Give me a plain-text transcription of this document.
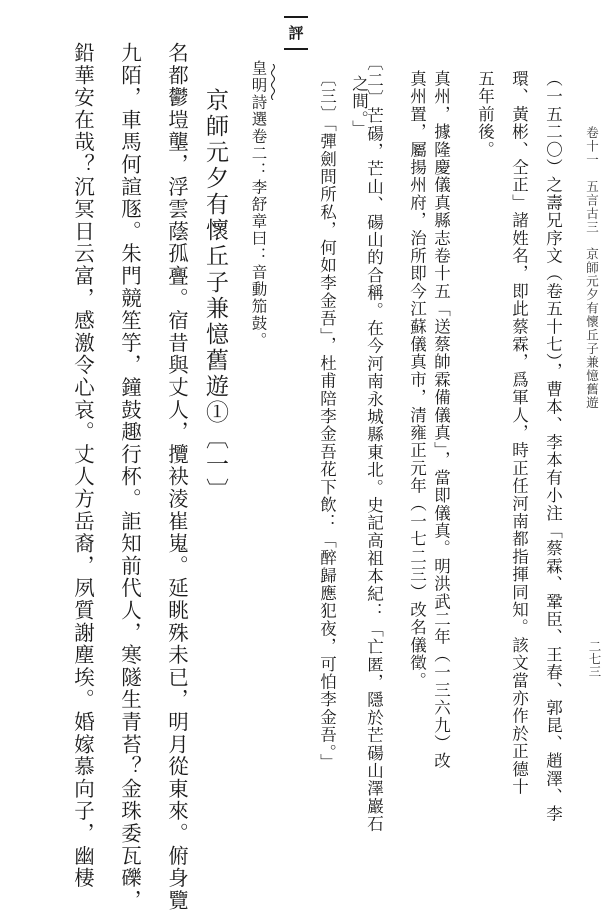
名都鬱塏壟，浮雲蔭孤亹。宿昔與丈人，攬袂淩崔嵬。延眺殊未已，明月從東來。俯身覽
九陌，車馬何諠豗。朱門競笙竽，鐘鼓趣行杯。詎知前代人，寒隧生青苔？金珠委瓦礫，
鉛華安在哉？沉冥日云富，感激令心哀。丈人方岳裔，夙質謝塵埃。婚嫁慕向子，幽棲	京師元夕有懷丘子兼憶舊遊①〔一〕 皇明詩選卷二：李舒章曰：音動笳鼓。
評
〔三〕「彈劍問所私，何如李金吾」，杜甫陪李金吾花下飲：「醉歸應犯夜，可怕李金吾。」 〔二〕芒碭，芒山、碭山的合稱。在今河南永城縣東北。史記高祖本紀：「亡匿，隱於芒碭山澤巖石
之間。」 真州置，屬揚州府，治所即今江蘇儀真市，清雍正元年（一七二三）改名儀徵。 真州，據隆慶儀真縣志卷十五「送蔡帥霖備儀真」，當即儀真。明洪武二年（一三六九）改 五年前後。 環、黃彬、仝正」諸姓名，即此蔡霖，爲軍人，時正任河南都指揮同知。該文當亦作於正德十 （一五二〇）之壽兄序文（卷五十七），曹本、李本有小注「蔡霖、鞏臣、王春、郭昆、趙澤、李 卷十一　五言古三　京師元夕有懷丘子兼憶舊遊
二七三
